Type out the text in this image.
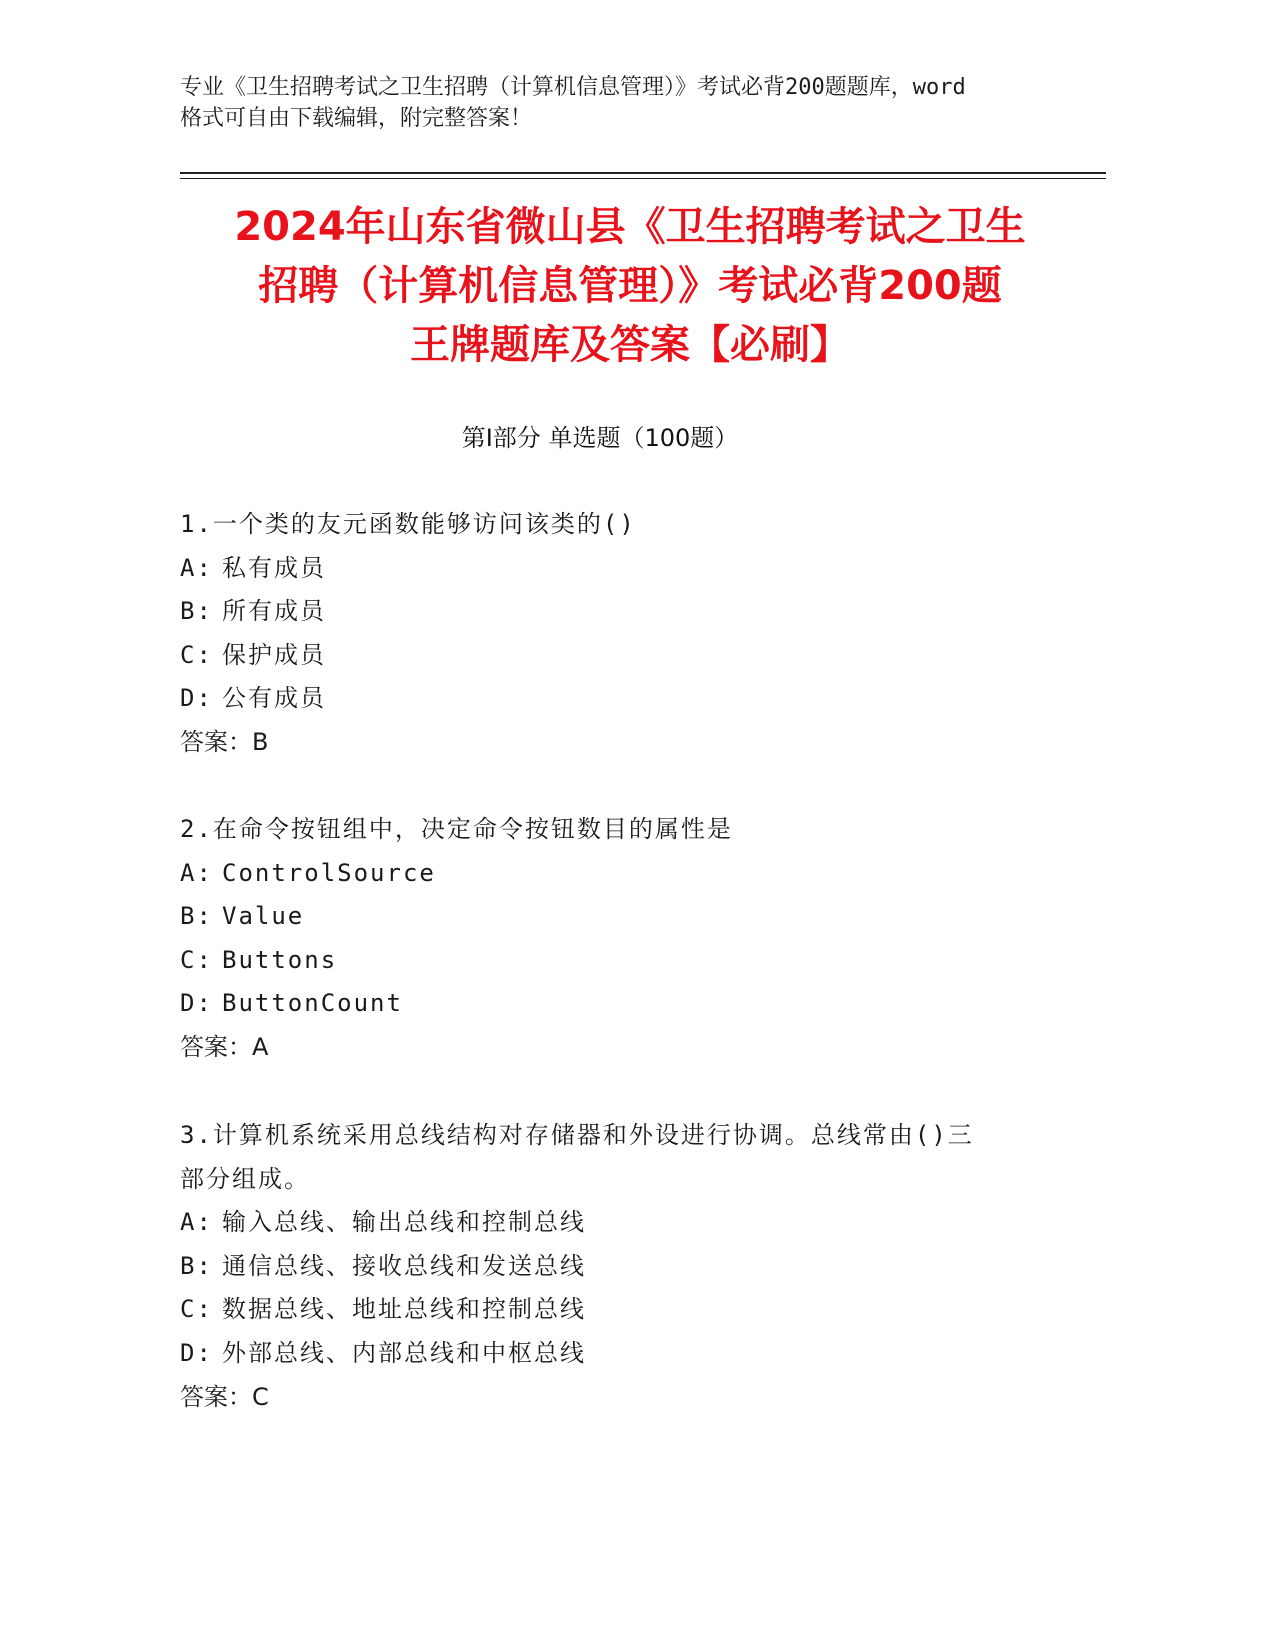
专业《卫生招聘考试之卫生招聘（计算机信息管理）》考试必背200题题库，word
格式可自由下载编辑，附完整答案！
2024年山东省微山县《卫生招聘考试之卫生
招聘（计算机信息管理）》考试必背200题
王牌题库及答案【必刷】
第Ⅰ部分 单选题（100题）
1.一个类的友元函数能够访问该类的()
A: 私有成员
B: 所有成员
C: 保护成员
D: 公有成员
答案：B
2.在命令按钮组中，决定命令按钮数目的属性是
A: ControlSource
B: Value
C: Buttons
D: ButtonCount
答案：A
3.计算机系统采用总线结构对存储器和外设进行协调。总线常由()三
部分组成。
A: 输入总线、输出总线和控制总线
B: 通信总线、接收总线和发送总线
C: 数据总线、地址总线和控制总线
D: 外部总线、内部总线和中枢总线
答案：C
